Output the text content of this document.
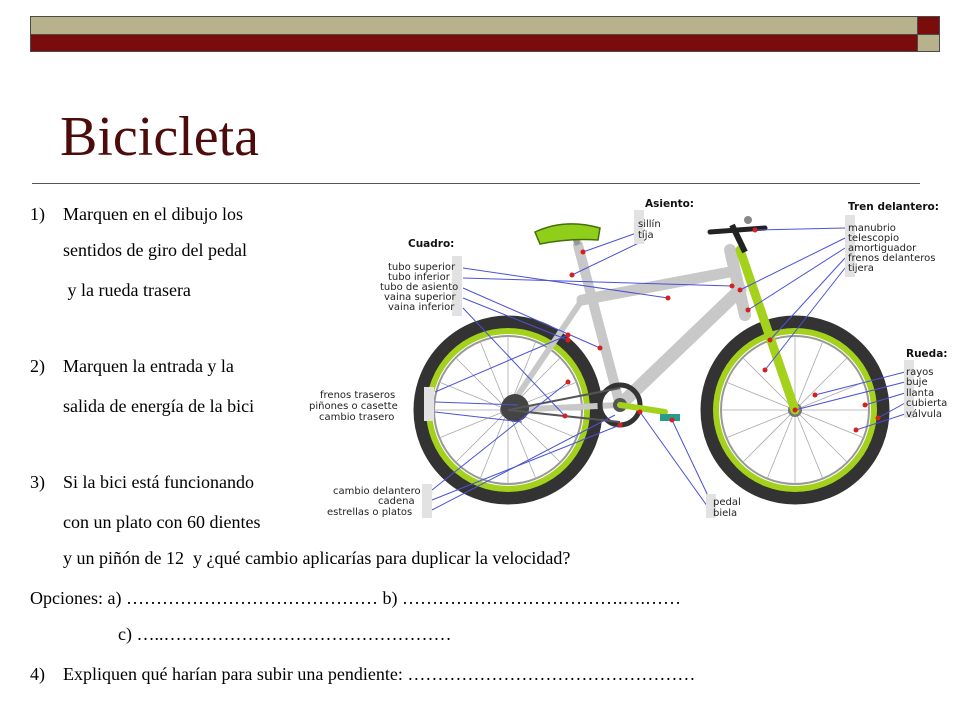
Bicicleta
1) Marquen en el dibujo los
sentidos de giro del pedal
y la rueda trasera
2) Marquen la entrada y la
salida de energía de la bici
3) Si la bici está funcionando
con un plato con 60 dientes
y un piñón de 12  y ¿qué cambio aplicarías para duplicar la velocidad?
Opciones: a) …………………………………… b) ……………………………….….……
c) …..…………………………………………
4) Expliquen qué harían para subir una pendiente: …………………………………………
Asiento:
sillín
tija
Cuadro:
tubo superior
tubo inferior
tubo de asiento
vaina superior
vaina inferior
Tren delantero:
manubrio
telescopio
amortiguador
frenos delanteros
tijera
Rueda:
rayos
buje
llanta
cubierta
válvula
frenos traseros
piñones o casette
cambio trasero
cambio delantero
cadena
estrellas o platos
pedal
biela
